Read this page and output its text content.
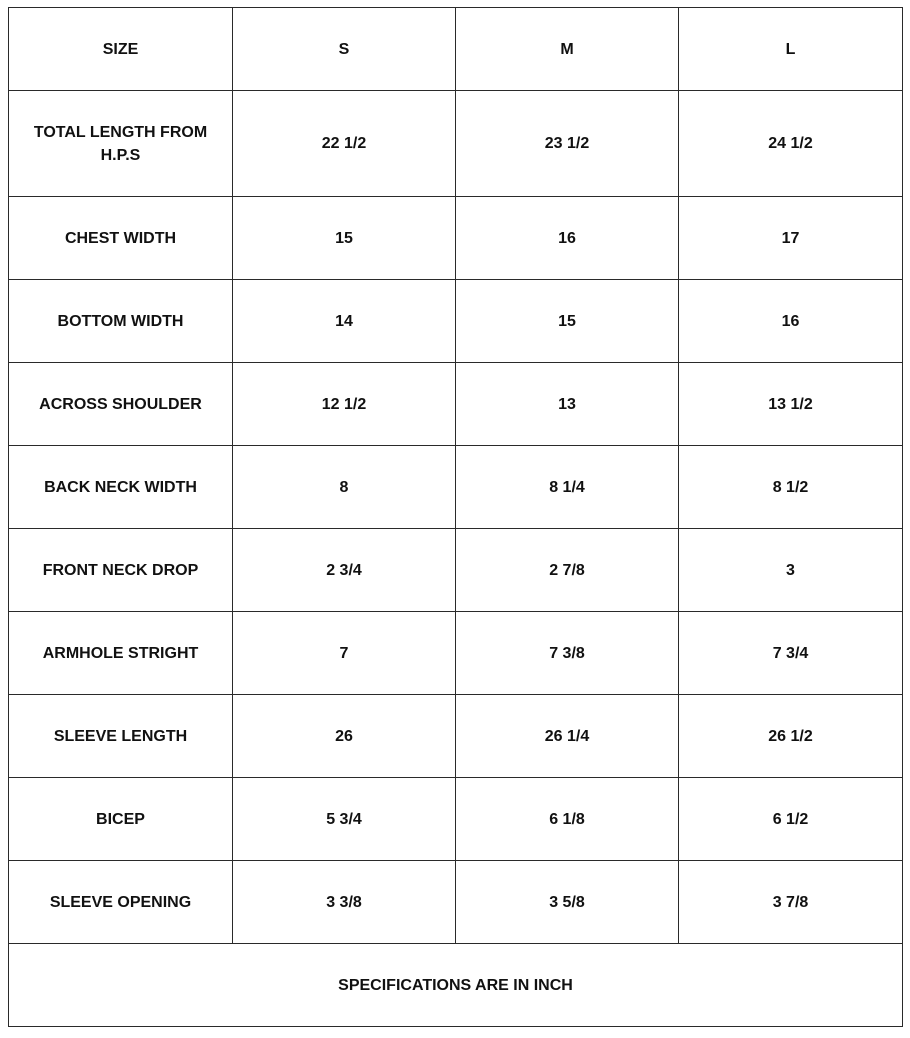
SIZE	S	M	L
TOTAL LENGTH FROM H.P.S	22 1/2	23 1/2	24 1/2
CHEST WIDTH	15	16	17
BOTTOM WIDTH	14	15	16
ACROSS SHOULDER	12 1/2	13	13 1/2
BACK NECK WIDTH	8	8 1/4	8 1/2
FRONT NECK DROP	2 3/4	2 7/8	3
ARMHOLE STRIGHT	7	7 3/8	7 3/4
SLEEVE LENGTH	26	26 1/4	26 1/2
BICEP	5 3/4	6 1/8	6 1/2
SLEEVE OPENING	3 3/8	3 5/8	3 7/8
SPECIFICATIONS ARE IN INCH			
